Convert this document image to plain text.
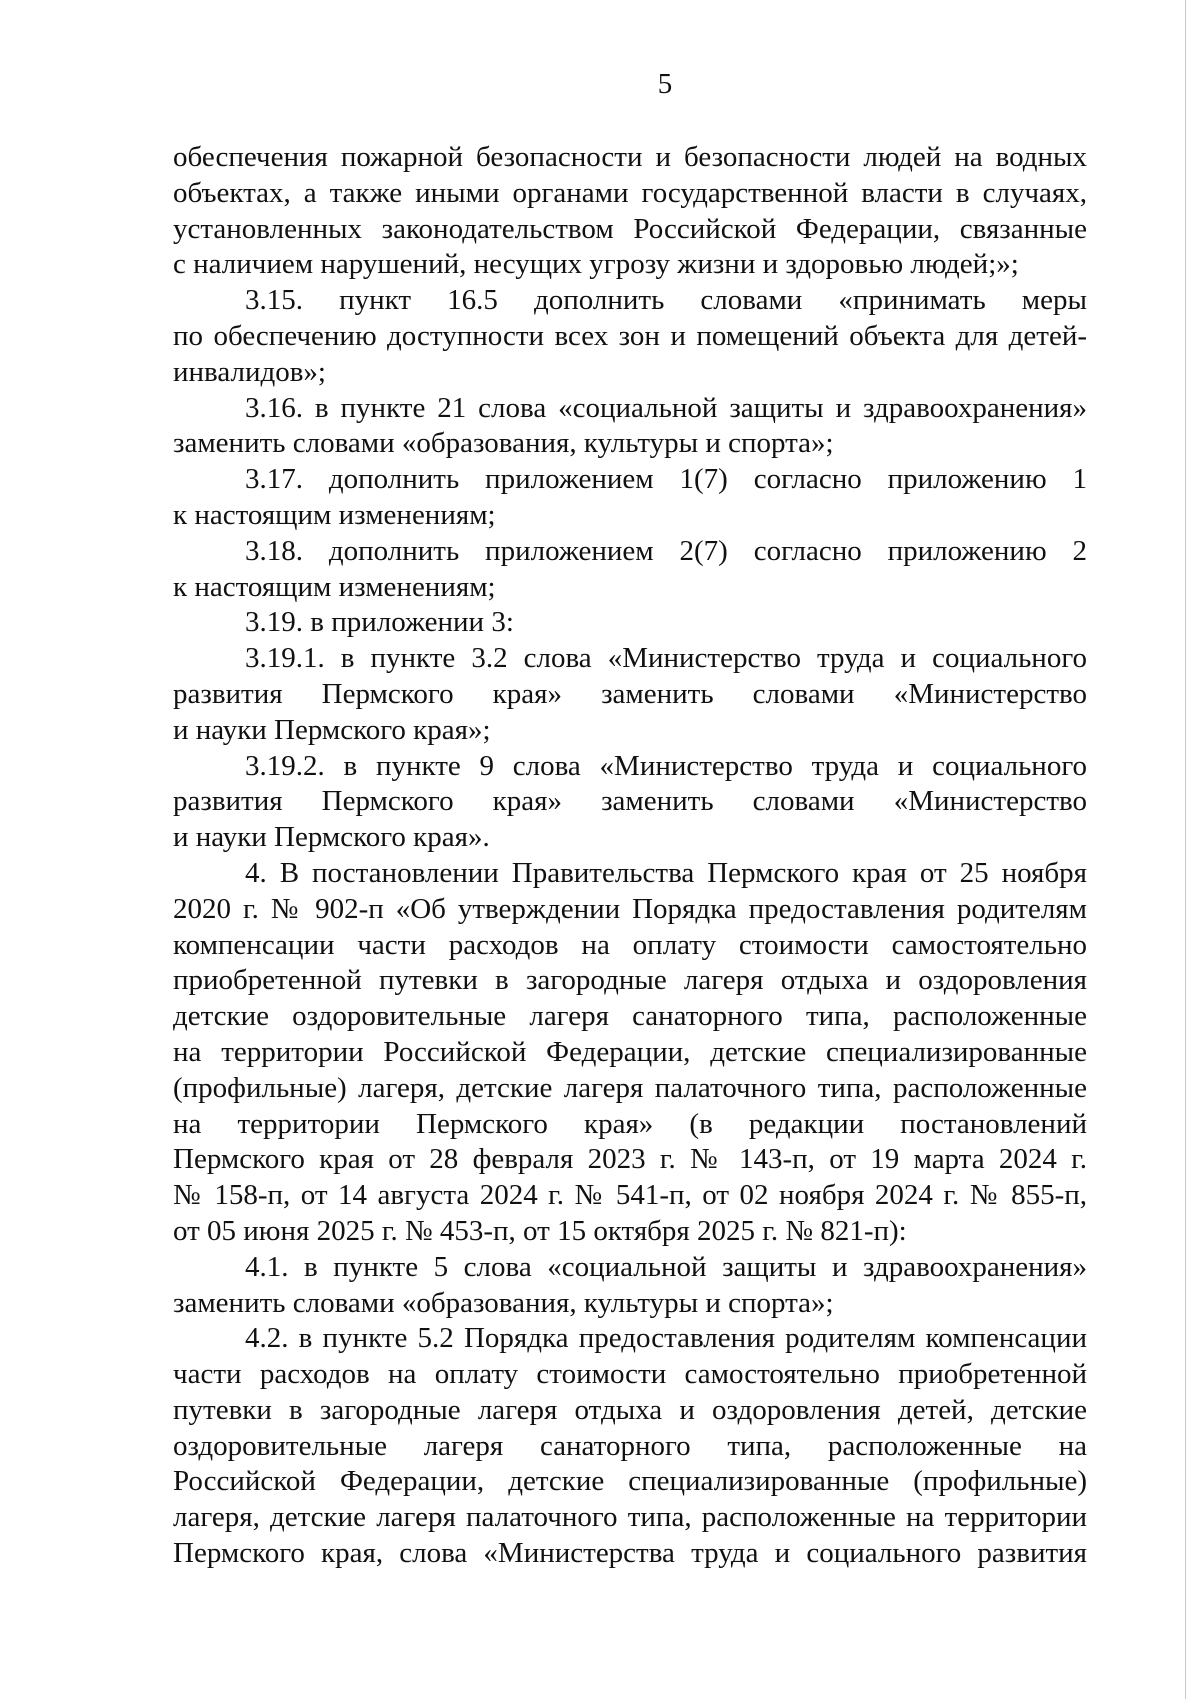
5
обеспечения пожарной безопасности и безопасности людей на водных
объектах, а также иными органами государственной власти в случаях,
установленных законодательством Российской Федерации, связанные
с наличием нарушений, несущих угрозу жизни и здоровью людей;»;
3.15. пункт 16.5 дополнить словами «принимать меры
по обеспечению доступности всех зон и помещений объекта для детей-
инвалидов»;
3.16. в пункте 21 слова «социальной защиты и здравоохранения»
заменить словами «образования, культуры и спорта»;
3.17. дополнить приложением 1(7) согласно приложению 1
к настоящим изменениям;
3.18. дополнить приложением 2(7) согласно приложению 2
к настоящим изменениям;
3.19. в приложении 3:
3.19.1. в пункте 3.2 слова «Министерство труда и социального
развития Пермского края» заменить словами «Министерство
и науки Пермского края»;
3.19.2. в пункте 9 слова «Министерство труда и социального
развития Пермского края» заменить словами «Министерство
и науки Пермского края».
4. В постановлении Правительства Пермского края от 25 ноября
2020 г. № 902-п «Об утверждении Порядка предоставления родителям
компенсации части расходов на оплату стоимости самостоятельно
приобретенной путевки в загородные лагеря отдыха и оздоровления
детские оздоровительные лагеря санаторного типа, расположенные
на территории Российской Федерации, детские специализированные
(профильные) лагеря, детские лагеря палаточного типа, расположенные
на территории Пермского края» (в редакции постановлений
Пермского края от 28 февраля 2023 г. № 143-п, от 19 марта 2024 г.
№ 158-п, от 14 августа 2024 г. № 541-п, от 02 ноября 2024 г. № 855-п,
от 05 июня 2025 г. № 453-п, от 15 октября 2025 г. № 821-п):
4.1. в пункте 5 слова «социальной защиты и здравоохранения»
заменить словами «образования, культуры и спорта»;
4.2. в пункте 5.2 Порядка предоставления родителям компенсации
части расходов на оплату стоимости самостоятельно приобретенной
путевки в загородные лагеря отдыха и оздоровления детей, детские
оздоровительные лагеря санаторного типа, расположенные на
Российской Федерации, детские специализированные (профильные)
лагеря, детские лагеря палаточного типа, расположенные на территории
Пермского края, слова «Министерства труда и социального развития
